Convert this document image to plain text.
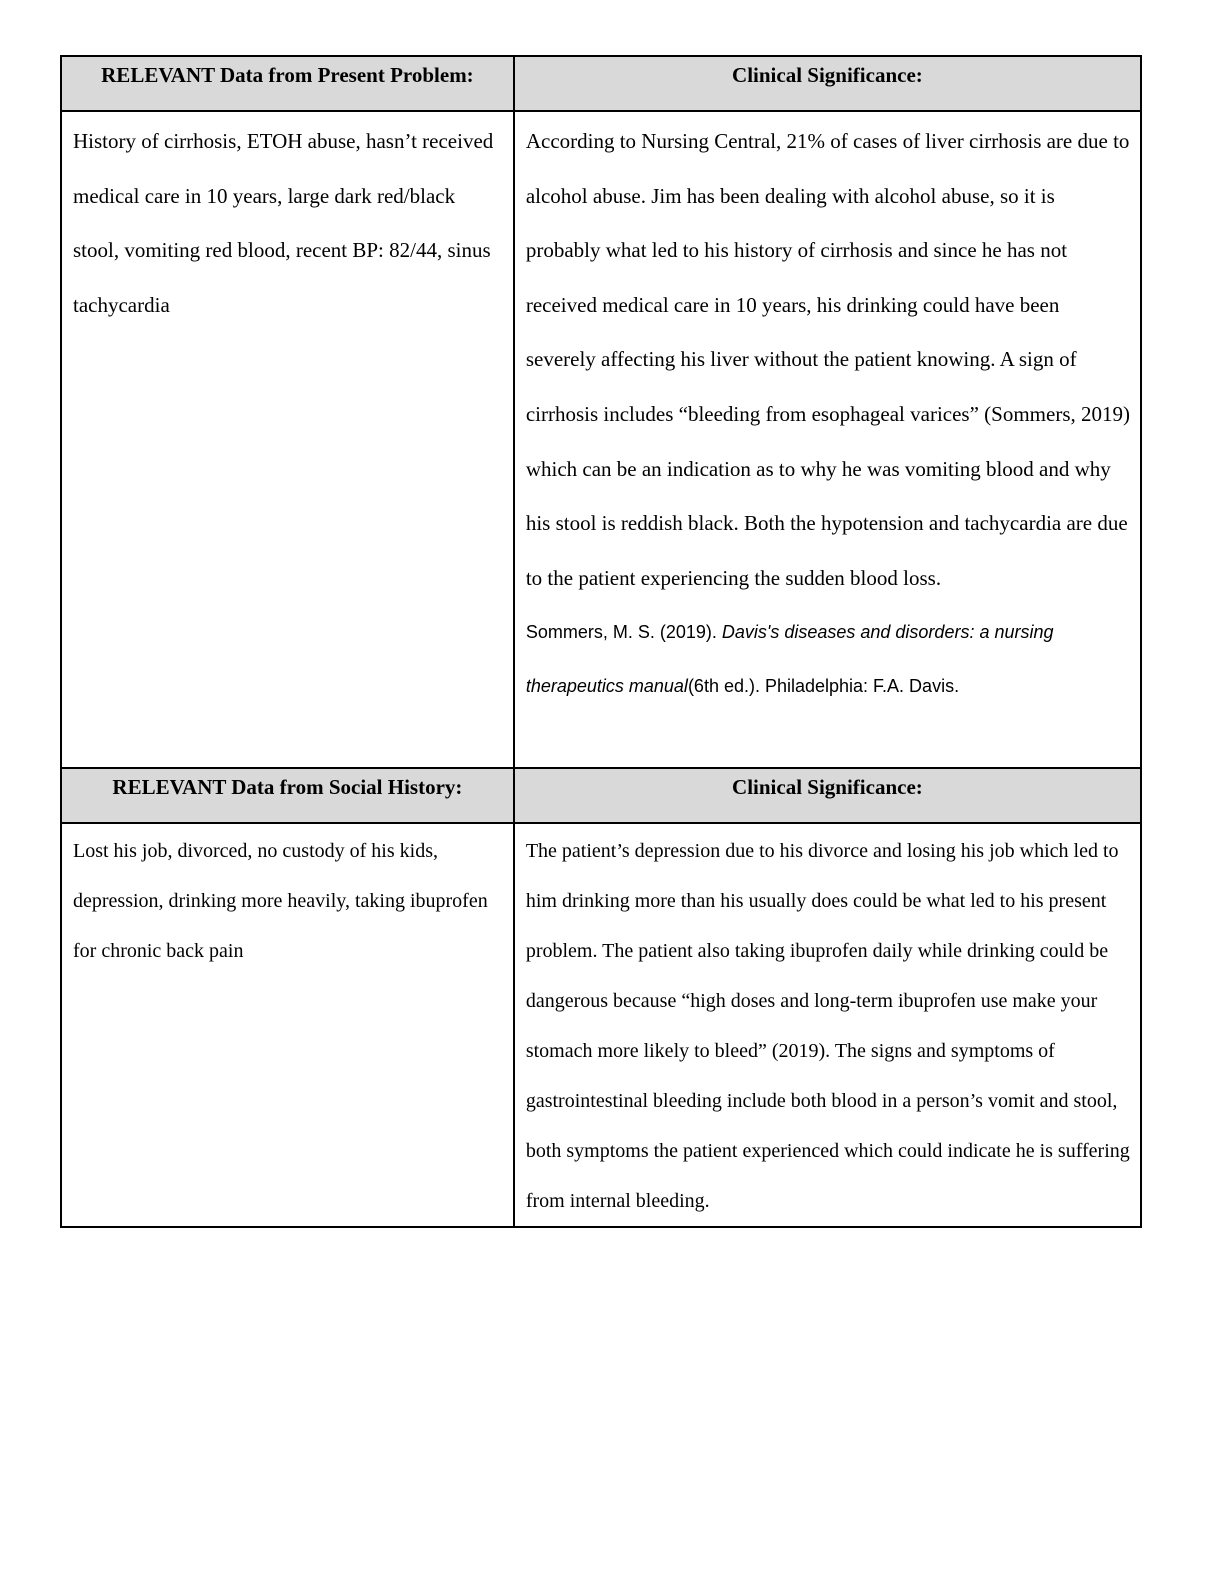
RELEVANT Data from Present Problem:	Clinical Significance:

History of cirrhosis, ETOH abuse, hasn’t received medical care in 10 years, large dark red/black stool, vomiting red blood, recent BP: 82/44, sinus tachycardia	According to Nursing Central, 21% of cases of liver cirrhosis are due to alcohol abuse. Jim has been dealing with alcohol abuse, so it is probably what led to his history of cirrhosis and since he has not received medical care in 10 years, his drinking could have been severely affecting his liver without the patient knowing. A sign of cirrhosis includes “bleeding from esophageal varices” (Sommers, 2019) which can be an indication as to why he was vomiting blood and why his stool is reddish black. Both the hypotension and tachycardia are due to the patient experiencing the sudden blood loss.

Sommers, M. S. (2019). Davis's diseases and disorders: a nursing therapeutics manual(6th ed.). Philadelphia: F.A. Davis.

RELEVANT Data from Social History:	Clinical Significance:

Lost his job, divorced, no custody of his kids, depression, drinking more heavily, taking ibuprofen for chronic back pain	The patient’s depression due to his divorce and losing his job which led to him drinking more than his usually does could be what led to his present problem. The patient also taking ibuprofen daily while drinking could be dangerous because “high doses and long-term ibuprofen use make your stomach more likely to bleed” (2019). The signs and symptoms of gastrointestinal bleeding include both blood in a person’s vomit and stool, both symptoms the patient experienced which could indicate he is suffering from internal bleeding.
